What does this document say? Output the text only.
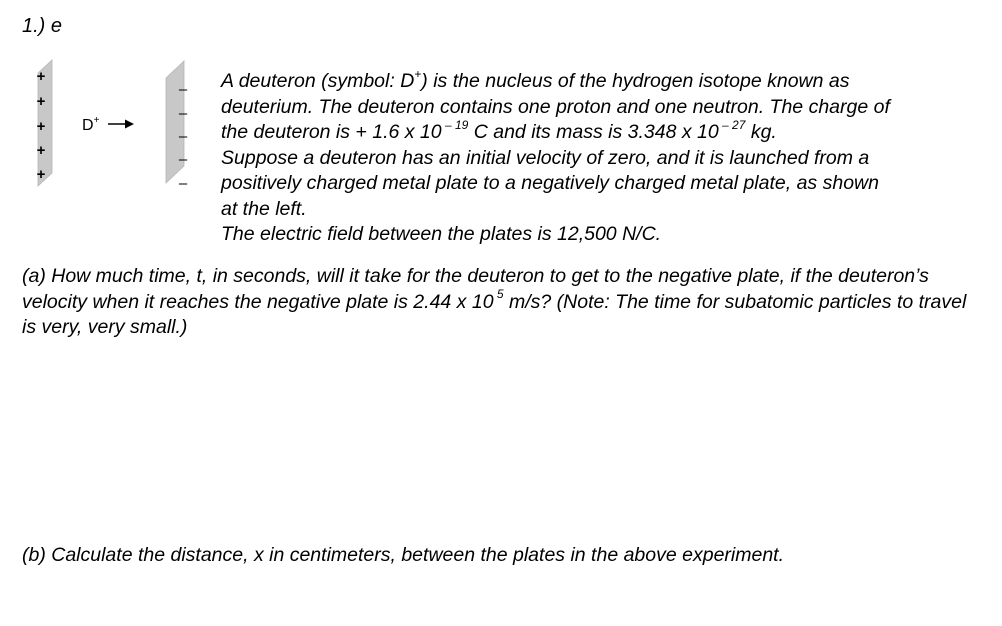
1.) e
+
+
+
+
+
–
–
–
–
–
D+

A deuteron (symbol: D+) is the nucleus of the hydrogen isotope known as

deuterium. The deuteron contains one proton and one neutron. The charge of

the deuteron is + 1.6 x 10 $^{- 19}$ C and its mass is 3.348 x 10 $^{- 27}$ kg.

Suppose a deuteron has an initial velocity of zero, and it is launched from a

positively charged metal plate to a negatively charged metal plate, as shown

at the left.

The electric field between the plates is 12,500 N/C.

(a) How much time, t, in seconds, will it take for the deuteron to get to the negative plate, if the deuteron’s velocity when it reaches the negative plate is 2.44 x 10 $^5$ m/s? (Note: The time for subatomic particles to travel is very, very small.)

(b) Calculate the distance, x in centimeters, between the plates in the above experiment.
